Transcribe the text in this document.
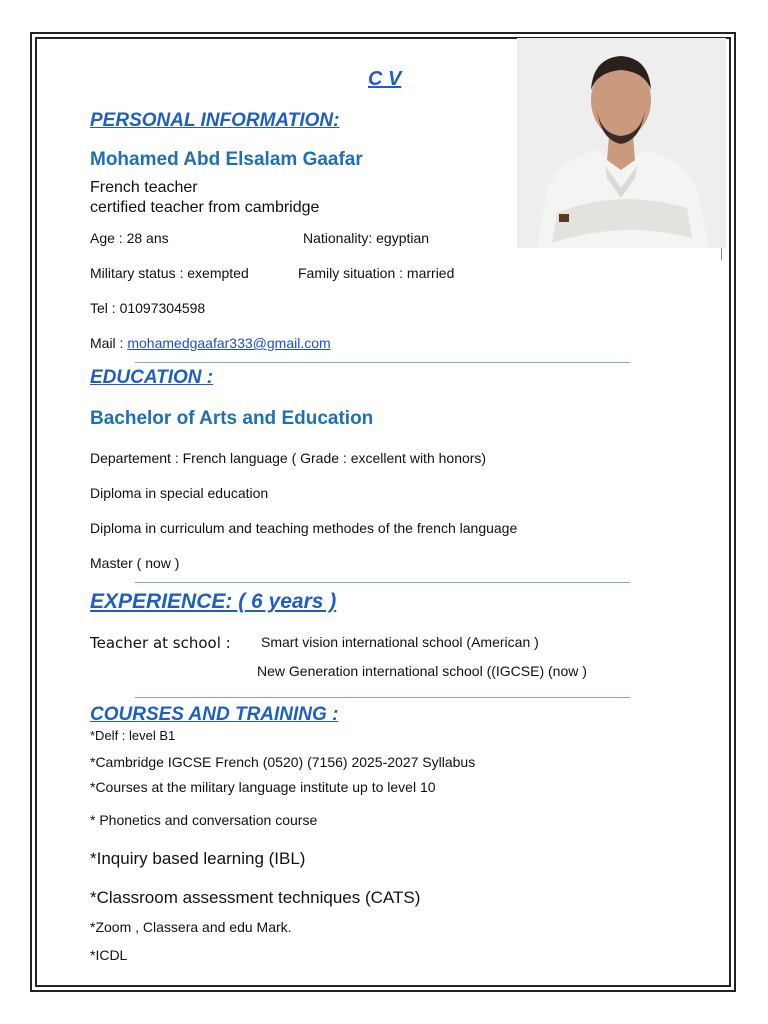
C V
PERSONAL INFORMATION:
Mohamed Abd Elsalam Gaafar
French teacher
certified teacher from cambridge
Age : 28 ans	Nationality: egyptian
Military status : exempted	Family situation : married
Tel : 01097304598
Mail : mohamedgaafar333@gmail.com
EDUCATION :
Bachelor of Arts and Education
Departement : French language ( Grade : excellent with honors)
Diploma in special education
Diploma in curriculum and teaching methodes of the french language
Master ( now )
EXPERIENCE: ( 6 years )
Teacher at school : Smart vision international school (American )
New Generation international school ((IGCSE) (now )
COURSES AND TRAINING :
*Delf : level B1
*Cambridge IGCSE French (0520) (7156) 2025-2027 Syllabus
*Courses at the military language institute up to level 10
* Phonetics and conversation course
*Inquiry based learning (IBL)
*Classroom assessment techniques (CATS)
*Zoom , Classera and edu Mark.
*ICDL
